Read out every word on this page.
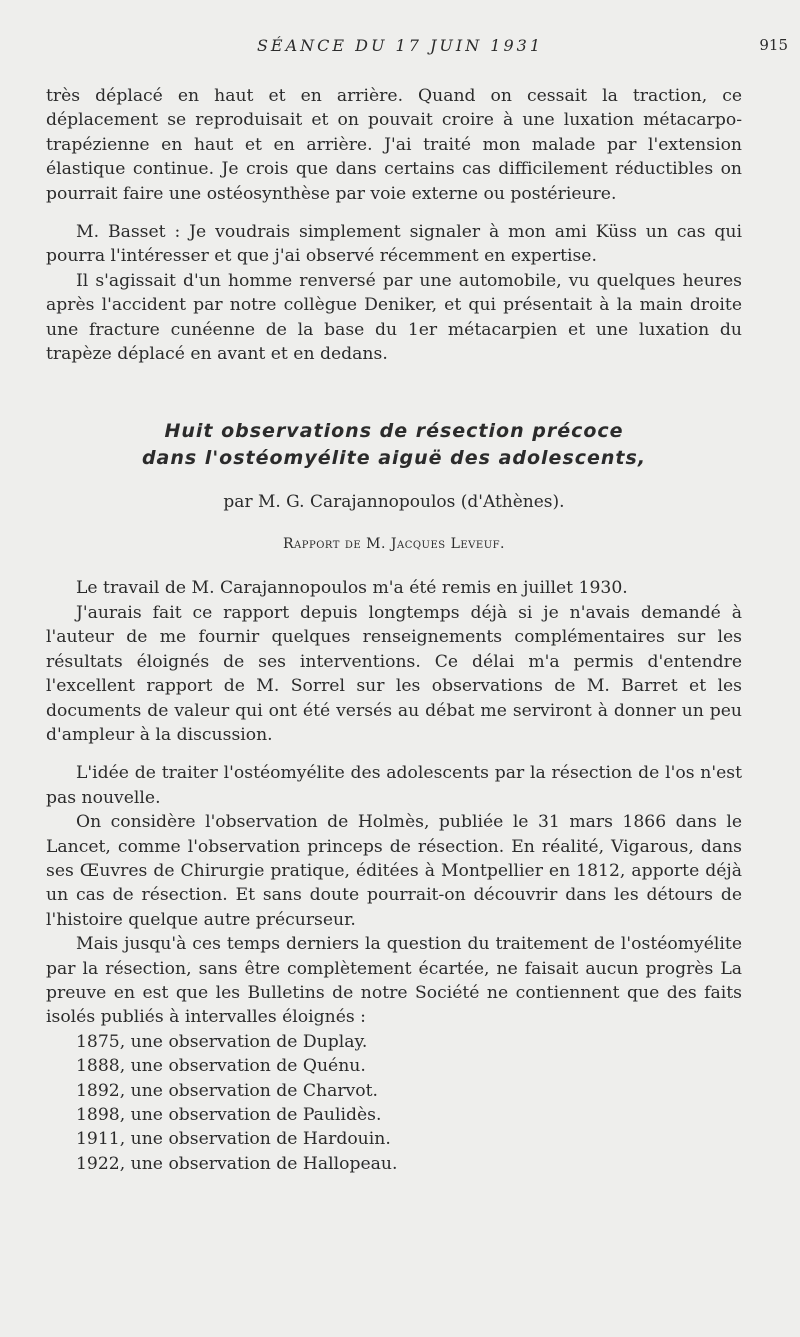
SÉANCE DU 17 JUIN 1931	915

très déplacé en haut et en arrière. Quand on cessait la traction, ce déplacement se reproduisait et on pouvait croire à une luxation métacarpo-trapézienne en haut et en arrière. J'ai traité mon malade par l'extension élastique continue. Je crois que dans certains cas difficilement réductibles on pourrait faire une ostéosynthèse par voie externe ou postérieure.

M. Basset : Je voudrais simplement signaler à mon ami Küss un cas qui pourra l'intéresser et que j'ai observé récemment en expertise.

Il s'agissait d'un homme renversé par une automobile, vu quelques heures après l'accident par notre collègue Deniker, et qui présentait à la main droite une fracture cunéenne de la base du 1er métacarpien et une luxation du trapèze déplacé en avant et en dedans.

Huit observations de résection précoce
dans l'ostéomyélite aiguë des adolescents,
par M. G. Carajannopoulos (d'Athènes).
Rapport de M. Jacques Leveuf.

Le travail de M. Carajannopoulos m'a été remis en juillet 1930.

J'aurais fait ce rapport depuis longtemps déjà si je n'avais demandé à l'auteur de me fournir quelques renseignements complémentaires sur les résultats éloignés de ses interventions. Ce délai m'a permis d'entendre l'excellent rapport de M. Sorrel sur les observations de M. Barret et les documents de valeur qui ont été versés au débat me serviront à donner un peu d'ampleur à la discussion.

L'idée de traiter l'ostéomyélite des adolescents par la résection de l'os n'est pas nouvelle.

On considère l'observation de Holmès, publiée le 31 mars 1866 dans le Lancet, comme l'observation princeps de résection. En réalité, Vigarous, dans ses Œuvres de Chirurgie pratique, éditées à Montpellier en 1812, apporte déjà un cas de résection. Et sans doute pourrait-on découvrir dans les détours de l'histoire quelque autre précurseur.

Mais jusqu'à ces temps derniers la question du traitement de l'ostéomyélite par la résection, sans être complètement écartée, ne faisait aucun progrès La preuve en est que les Bulletins de notre Société ne contiennent que des faits isolés publiés à intervalles éloignés :

1875, une observation de Duplay.

1888, une observation de Quénu.

1892, une observation de Charvot.

1898, une observation de Paulidès.

1911, une observation de Hardouin.

1922, une observation de Hallopeau.
